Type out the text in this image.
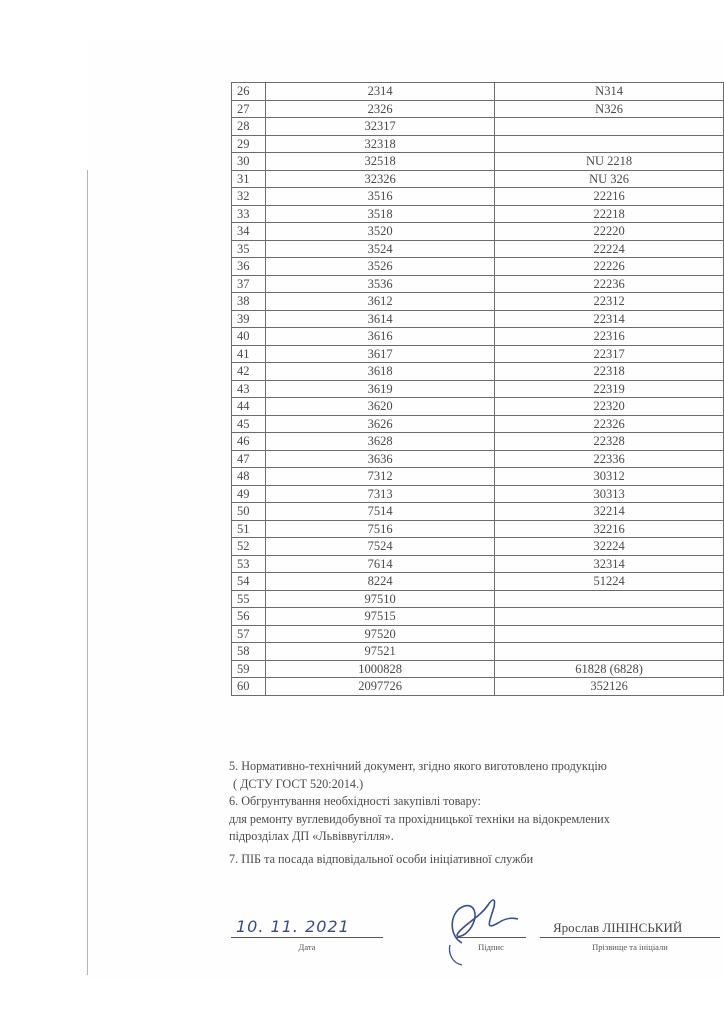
26	2314	N314
27	2326	N326
28	32317	
29	32318	
30	32518	NU 2218
31	32326	NU 326
32	3516	22216
33	3518	22218
34	3520	22220
35	3524	22224
36	3526	22226
37	3536	22236
38	3612	22312
39	3614	22314
40	3616	22316
41	3617	22317
42	3618	22318
43	3619	22319
44	3620	22320
45	3626	22326
46	3628	22328
47	3636	22336
48	7312	30312
49	7313	30313
50	7514	32214
51	7516	32216
52	7524	32224
53	7614	32314
54	8224	51224
55	97510	
56	97515	
57	97520	
58	97521	
59	1000828	61828 (6828)
60	2097726	352126

5. Нормативно-технічний документ, згідно якого виготовлено продукцію

( ДСТУ ГОСТ 520:2014.)

6. Обгрунтування необхідності закупівлі товару:

для ремонту вуглевидобувної та прохідницької техніки на відокремлених

підрозділах ДП «Львіввугілля».

7. ПІБ та посада відповідальної особи ініціативної служби

10. 11. 2021
Дата	Підпис
Ярослав ЛІНІНСЬКИЙ
Прізвище та ініціали
